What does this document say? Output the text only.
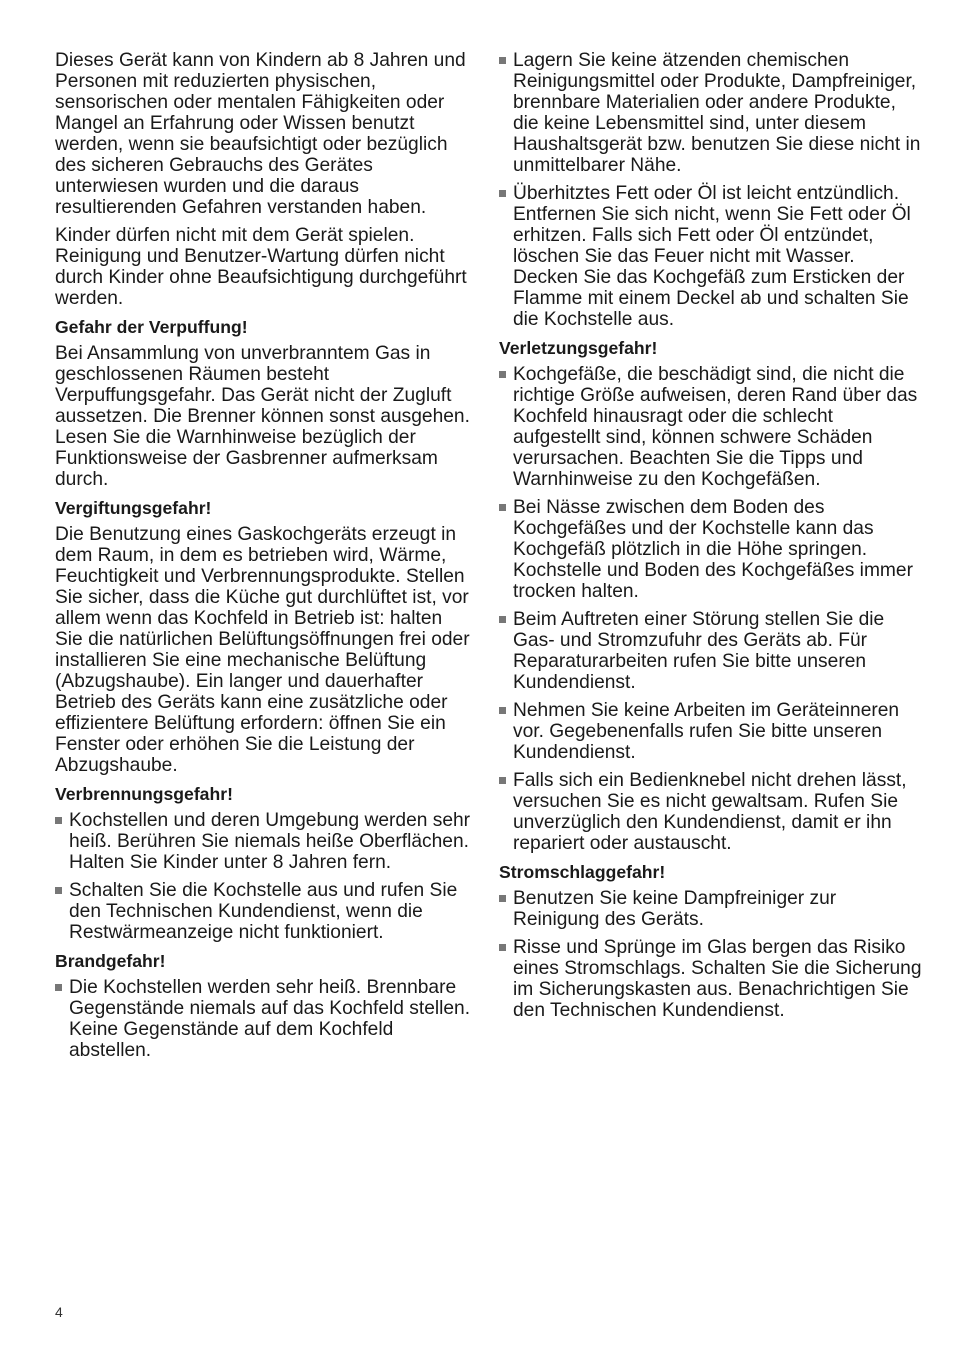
Dieses Gerät kann von Kindern ab 8 Jahren und Personen mit reduzierten physischen, sensorischen oder mentalen Fähigkeiten oder Mangel an Erfahrung oder Wissen benutzt werden, wenn sie beaufsichtigt oder bezüglich des sicheren Gebrauchs des Gerätes unterwiesen wurden und die daraus resultierenden Gefahren verstanden haben.

Kinder dürfen nicht mit dem Gerät spielen. Reinigung und Benutzer-Wartung dürfen nicht durch Kinder ohne Beaufsichtigung durchgeführt werden.

Gefahr der Verpuffung!

Bei Ansammlung von unverbranntem Gas in geschlossenen Räumen besteht Verpuffungsgefahr. Das Gerät nicht der Zugluft aussetzen. Die Brenner können sonst ausgehen. Lesen Sie die Warnhinweise bezüglich der Funktionsweise der Gasbrenner aufmerksam durch.

Vergiftungsgefahr!

Die Benutzung eines Gaskochgeräts erzeugt in dem Raum, in dem es betrieben wird, Wärme, Feuchtigkeit und Verbrennungsprodukte. Stellen Sie sicher, dass die Küche gut durchlüftet ist, vor allem wenn das Kochfeld in Betrieb ist: halten Sie die natürlichen Belüftungsöffnungen frei oder installieren Sie eine mechanische Belüftung (Abzugshaube). Ein langer und dauerhafter Betrieb des Geräts kann eine zusätzliche oder effizientere Belüftung erfordern: öffnen Sie ein Fenster oder erhöhen Sie die Leistung der Abzugshaube.

Verbrennungsgefahr!
Kochstellen und deren Umgebung werden sehr heiß. Berühren Sie niemals heiße Oberflächen. Halten Sie Kinder unter 8 Jahren fern.
Schalten Sie die Kochstelle aus und rufen Sie den Technischen Kundendienst, wenn die Restwärmeanzeige nicht funktioniert.
Brandgefahr!
Die Kochstellen werden sehr heiß. Brennbare Gegenstände niemals auf das Kochfeld stellen. Keine Gegenstände auf dem Kochfeld abstellen.
Lagern Sie keine ätzenden chemischen Reinigungsmittel oder Produkte, Dampfreiniger, brennbare Materialien oder andere Produkte, die keine Lebensmittel sind, unter diesem Haushaltsgerät bzw. benutzen Sie diese nicht in unmittelbarer Nähe.
Überhitztes Fett oder Öl ist leicht entzündlich. Entfernen Sie sich nicht, wenn Sie Fett oder Öl erhitzen. Falls sich Fett oder Öl entzündet, löschen Sie das Feuer nicht mit Wasser. Decken Sie das Kochgefäß zum Ersticken der Flamme mit einem Deckel ab und schalten Sie die Kochstelle aus.
Verletzungsgefahr!
Kochgefäße, die beschädigt sind, die nicht die richtige Größe aufweisen, deren Rand über das Kochfeld hinausragt oder die schlecht aufgestellt sind, können schwere Schäden verursachen. Beachten Sie die Tipps und Warnhinweise zu den Kochgefäßen.
Bei Nässe zwischen dem Boden des Kochgefäßes und der Kochstelle kann das Kochgefäß plötzlich in die Höhe springen. Kochstelle und Boden des Kochgefäßes immer trocken halten.
Beim Auftreten einer Störung stellen Sie die Gas- und Stromzufuhr des Geräts ab. Für Reparaturarbeiten rufen Sie bitte unseren Kundendienst.
Nehmen Sie keine Arbeiten im Geräteinneren vor. Gegebenenfalls rufen Sie bitte unseren Kundendienst.
Falls sich ein Bedienknebel nicht drehen lässt, versuchen Sie es nicht gewaltsam. Rufen Sie unverzüglich den Kundendienst, damit er ihn repariert oder austauscht.
Stromschlaggefahr!
Benutzen Sie keine Dampfreiniger zur Reinigung des Geräts.
Risse und Sprünge im Glas bergen das Risiko eines Stromschlags. Schalten Sie die Sicherung im Sicherungskasten aus. Benachrichtigen Sie den Technischen Kundendienst.
4
